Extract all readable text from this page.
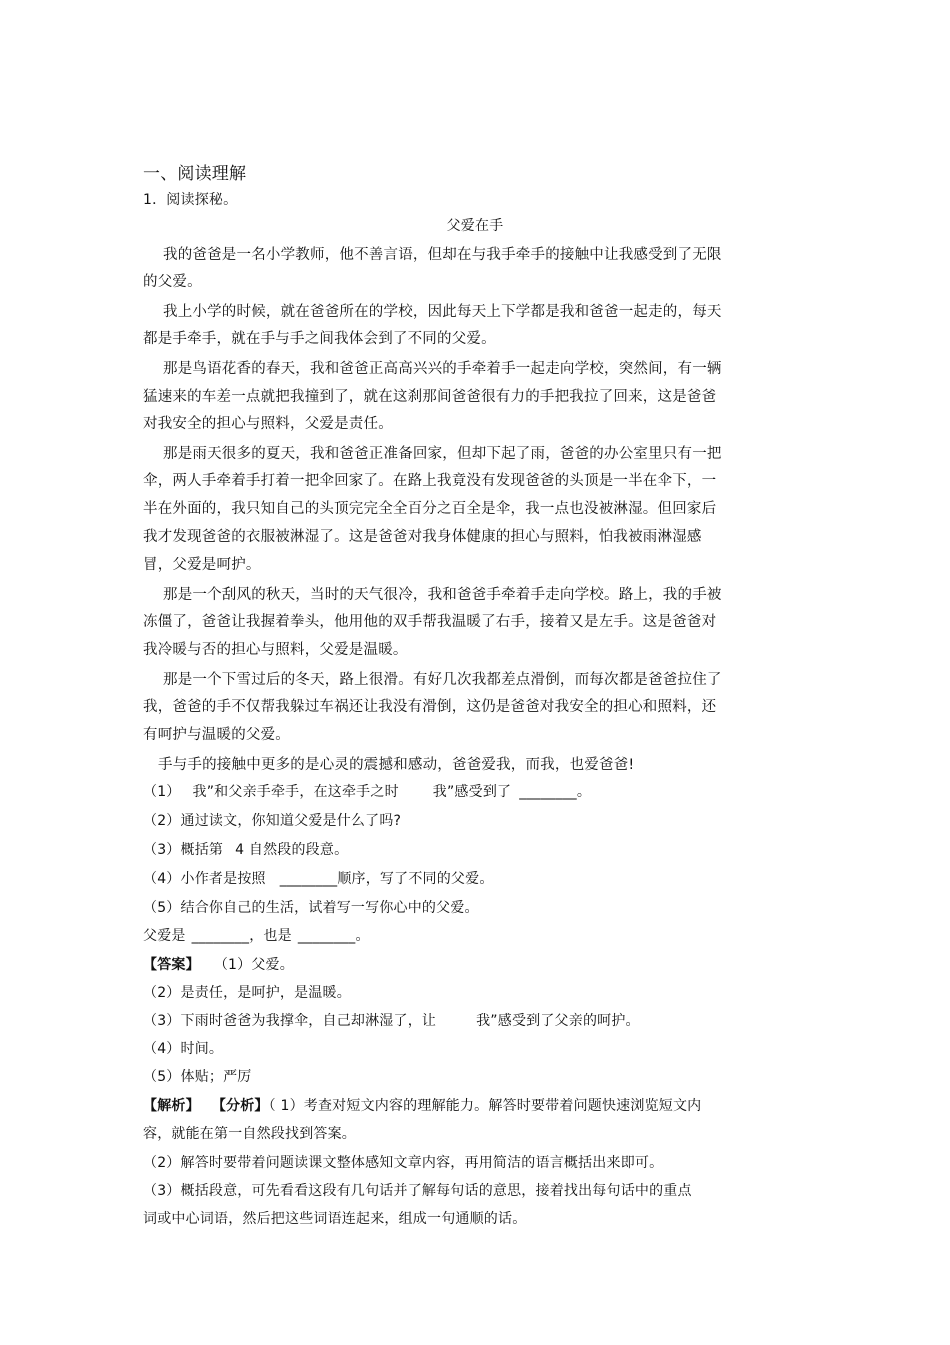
一、阅读理解
1．阅读探秘。
父爱在手
我的爸爸是一名小学教师，他不善言语，但却在与我手牵手的接触中让我感受到了无限
的父爱。
我上小学的时候，就在爸爸所在的学校，因此每天上下学都是我和爸爸一起走的，每天
都是手牵手，就在手与手之间我体会到了不同的父爱。
那是鸟语花香的春天，我和爸爸正高高兴兴的手牵着手一起走向学校，突然间，有一辆
猛速来的车差一点就把我撞到了，就在这刹那间爸爸很有力的手把我拉了回来，这是爸爸
对我安全的担心与照料，父爱是责任。
那是雨天很多的夏天，我和爸爸正准备回家，但却下起了雨，爸爸的办公室里只有一把
伞，两人手牵着手打着一把伞回家了。在路上我竟没有发现爸爸的头顶是一半在伞下，一
半在外面的，我只知自己的头顶完完全全百分之百全是伞，我一点也没被淋湿。但回家后
我才发现爸爸的衣服被淋湿了。这是爸爸对我身体健康的担心与照料，怕我被雨淋湿感
冒，父爱是呵护。
那是一个刮风的秋天，当时的天气很冷，我和爸爸手牵着手走向学校。路上，我的手被
冻僵了，爸爸让我握着拳头，他用他的双手帮我温暖了右手，接着又是左手。这是爸爸对
我冷暖与否的担心与照料，父爱是温暖。
那是一个下雪过后的冬天，路上很滑。有好几次我都差点滑倒，而每次都是爸爸拉住了
我，爸爸的手不仅帮我躲过车祸还让我没有滑倒，这仍是爸爸对我安全的担心和照料，还
有呵护与温暖的父爱。
手与手的接触中更多的是心灵的震撼和感动，爸爸爱我，而我，也爱爸爸!
（1） 我”和父亲手牵手，在这牵手之时 我”感受到了 ________。
（2）通过读文，你知道父爱是什么了吗?
（3）概括第 4 自然段的段意。
（4）小作者是按照 ________顺序，写了不同的父爱。
（5）结合你自己的生活，试着写一写你心中的父爱。
父爱是 ________，也是 ________。
【答案】 （1）父爱。
（2）是责任，是呵护，是温暖。
（3）下雨时爸爸为我撑伞，自己却淋湿了，让	我”感受到了父亲的呵护。
（4）时间。
（5）体贴；严厉
【解析】 【分析】（ 1）考查对短文内容的理解能力。解答时要带着问题快速浏览短文内
容，就能在第一自然段找到答案。
（2）解答时要带着问题读课文整体感知文章内容，再用简洁的语言概括出来即可。
（3）概括段意，可先看看这段有几句话并了解每句话的意思，接着找出每句话中的重点
词或中心词语，然后把这些词语连起来，组成一句通顺的话。
